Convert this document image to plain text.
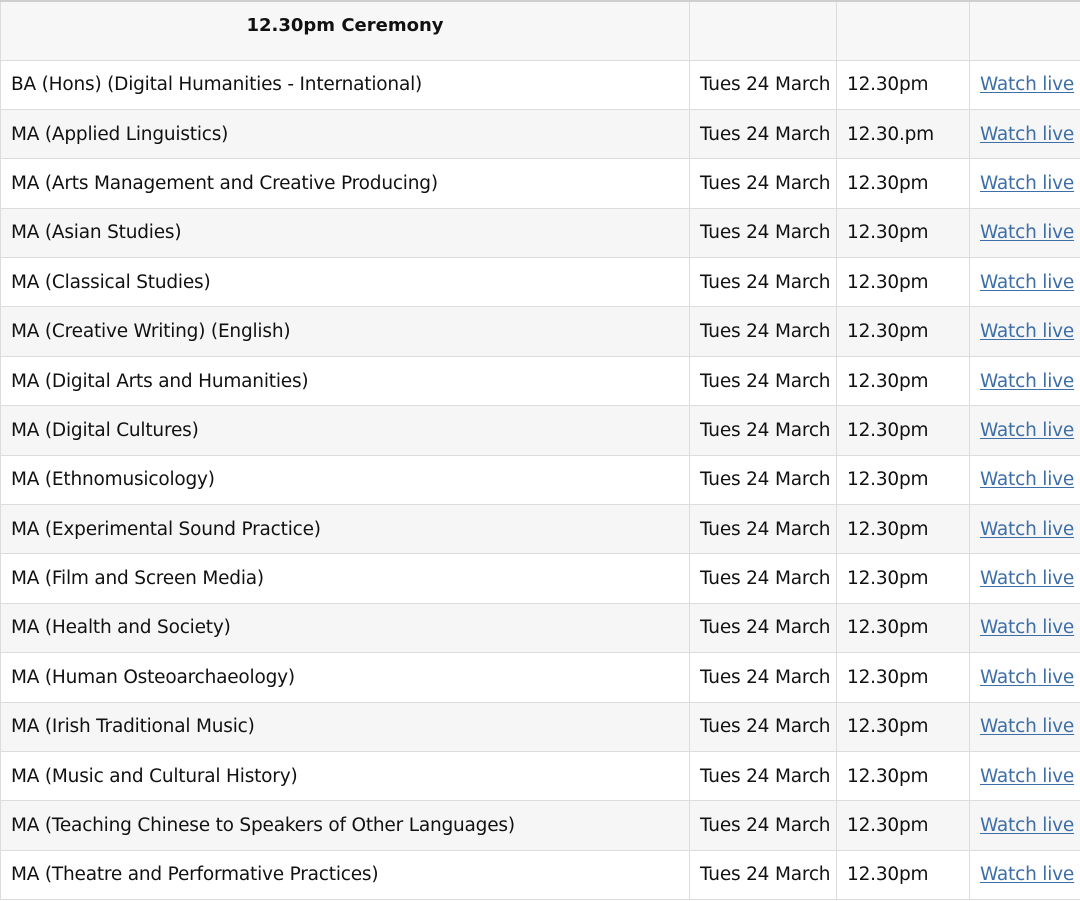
12.30pm Ceremony			
BA (Hons) (Digital Humanities - International)	Tues 24 March	12.30pm	Watch live
MA (Applied Linguistics)	Tues 24 March	12.30.pm	Watch live
MA (Arts Management and Creative Producing)	Tues 24 March	12.30pm	Watch live
MA (Asian Studies)	Tues 24 March	12.30pm	Watch live
MA (Classical Studies)	Tues 24 March	12.30pm	Watch live
MA (Creative Writing) (English)	Tues 24 March	12.30pm	Watch live
MA (Digital Arts and Humanities)	Tues 24 March	12.30pm	Watch live
MA (Digital Cultures)	Tues 24 March	12.30pm	Watch live
MA (Ethnomusicology)	Tues 24 March	12.30pm	Watch live
MA (Experimental Sound Practice)	Tues 24 March	12.30pm	Watch live
MA (Film and Screen Media)	Tues 24 March	12.30pm	Watch live
MA (Health and Society)	Tues 24 March	12.30pm	Watch live
MA (Human Osteoarchaeology)	Tues 24 March	12.30pm	Watch live
MA (Irish Traditional Music)	Tues 24 March	12.30pm	Watch live
MA (Music and Cultural History)	Tues 24 March	12.30pm	Watch live
MA (Teaching Chinese to Speakers of Other Languages)	Tues 24 March	12.30pm	Watch live
MA (Theatre and Performative Practices)	Tues 24 March	12.30pm	Watch live
